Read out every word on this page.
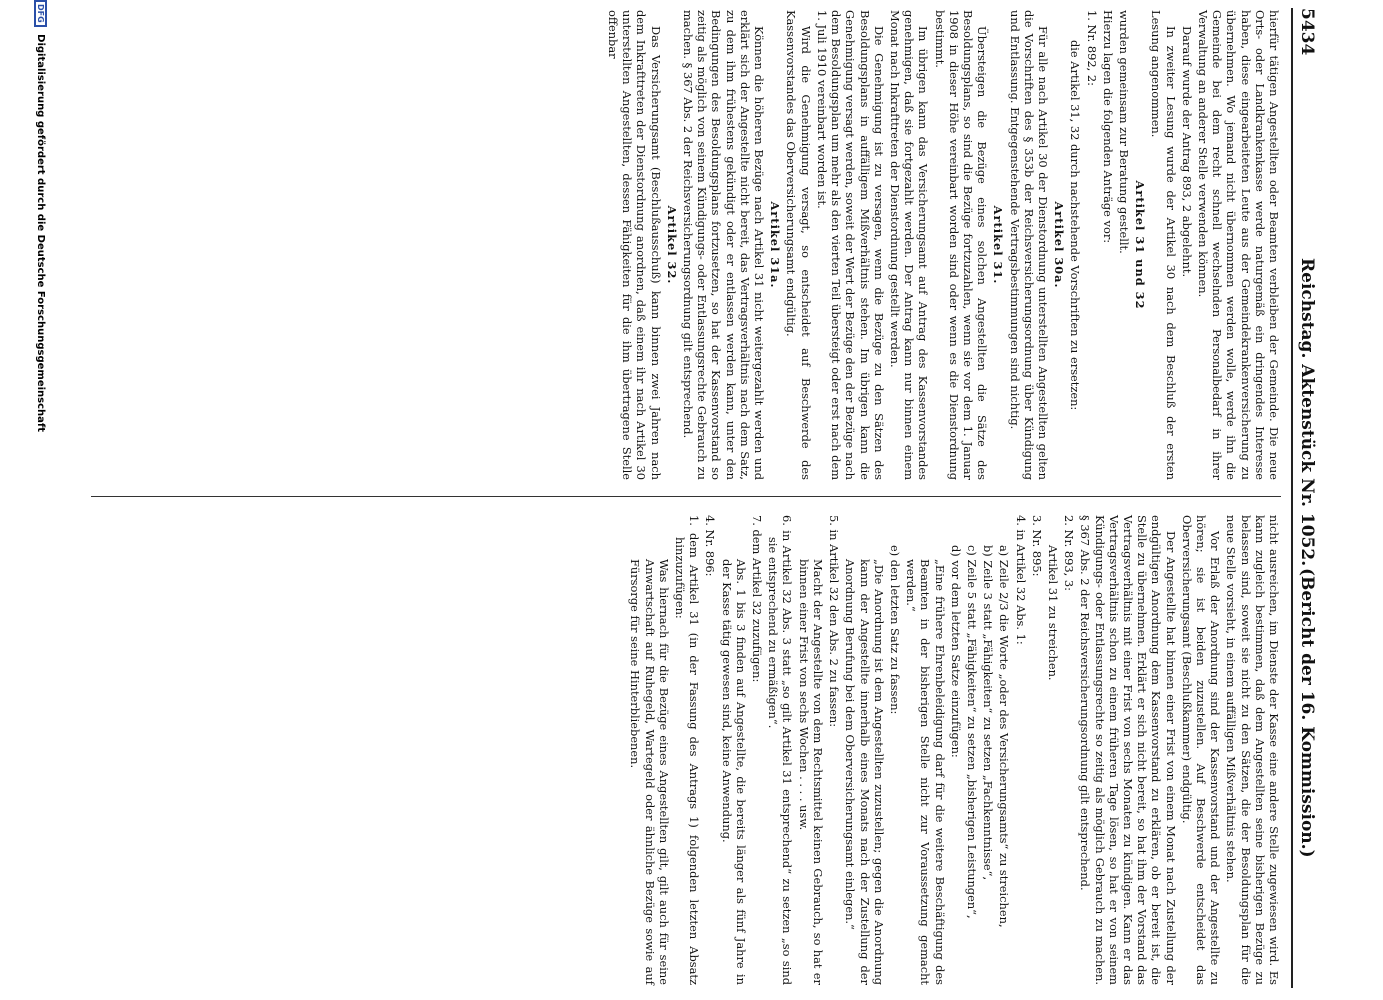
5434
Reichstag. Aktenstück Nr. 1052.
(Bericht der 16. Kommission.)

hierfür tätigen Angestellten oder Beamten verbleiben der Gemeinde. Die neue Orts- oder Landkrankenkasse werde naturgemäß ein dringendes Interesse haben, diese eingearbeiteten Leute aus der Gemeindekrankenversicherung zu übernehmen. Wo jemand nicht übernommen werden wolle, werde ihn die Gemeinde bei dem recht schnell wechselnden Personalbedarf in ihrer Verwaltung an anderer Stelle verwenden können.

Darauf wurde der Antrag 893, 2 abgelehnt.

In zweiter Lesung wurde der Artikel 30 nach dem Beschluß der ersten Lesung angenommen.

Artikel 31 und 32

wurden gemeinsam zur Beratung gestellt.

Hierzu lagen die folgenden Anträge vor:

1. Nr. 892, 2:

die Artikel 31, 32 durch nachstehende Vorschriften zu ersetzen:

Artikel 30a.

Für alle nach Artikel 30 der Dienstordnung unterstellten Angestellten gelten die Vorschriften des § 353b der Reichsversicherungsordnung über Kündigung und Entlassung. Entgegenstehende Vertragsbestimmungen sind nichtig.

Artikel 31.

Übersteigen die Bezüge eines solchen Angestellten die Sätze des Besoldungsplans, so sind die Bezüge fortzuzahlen, wenn sie vor dem 1. Januar 1908 in dieser Höhe vereinbart worden sind oder wenn es die Dienstordnung bestimmt.

Im übrigen kann das Versicherungsamt auf Antrag des Kassenvorstandes genehmigen, daß sie fortgezahlt werden. Der Antrag kann nur binnen einem Monat nach Inkrafttreten der Dienstordnung gestellt werden.

Die Genehmigung ist zu versagen, wenn die Bezüge zu den Sätzen des Besoldungsplans in auffälligem Mißverhältnis stehen. Im übrigen kann die Genehmigung versagt werden, soweit der Wert der Bezüge den der Bezüge nach dem Besoldungsplan um mehr als den vierten Teil übersteigt oder erst nach dem 1. Juli 1910 vereinbart worden ist.

Wird die Genehmigung versagt, so entscheidet auf Beschwerde des Kassenvorstandes das Oberversicherungsamt endgültig.

Artikel 31a.

Können die höheren Bezüge nach Artikel 31 nicht weitergezahlt werden und erklärt sich der Angestellte nicht bereit, das Vertragsverhältnis nach dem Satz, zu dem ihm frühestens gekündigt oder er entlassen werden kann, unter den Bedingungen des Besoldungsplans fortzusetzen, so hat der Kassenvorstand so zeitig als möglich von seinem Kündigungs- oder Entlassungsrechte Gebrauch zu machen. § 367 Abs. 2 der Reichsversicherungsordnung gilt entsprechend.

Artikel 32.

Das Versicherungsamt (Beschlußausschuß) kann binnen zwei Jahren nach dem Inkrafttreten der Dienstordnung anordnen, daß einem ihr nach Artikel 30 unterstellten Angestellten, dessen Fähigkeiten für die ihm übertragene Stelle offenbar

nicht ausreichen, im Dienste der Kasse eine andere Stelle zugewiesen wird. Es kann zugleich bestimmen, daß dem Angestellten seine bisherigen Bezüge zu belassen sind, soweit sie nicht zu den Sätzen, die der Besoldungsplan für die neue Stelle vorsieht, in einem auffälligen Mißverhältnis stehen.

Vor Erlaß der Anordnung sind der Kassenvorstand und der Angestellte zu hören; sie ist beiden zuzustellen. Auf Beschwerde entscheidet das Oberversicherungsamt (Beschlußkammer) endgültig.

Der Angestellte hat binnen einer Frist von einem Monat nach Zustellung der endgültigen Anordnung dem Kassenvorstand zu erklären, ob er bereit ist, die Stelle zu übernehmen. Erklärt er sich nicht bereit, so hat ihm der Vorstand das Vertragsverhältnis mit einer Frist von sechs Monaten zu kündigen. Kann er das Vertragsverhältnis schon zu einem früheren Tage lösen, so hat er von seinem Kündigungs- oder Entlassungsrechte so zeitig als möglich Gebrauch zu machen. § 367 Abs. 2 der Reichsversicherungsordnung gilt entsprechend.

2. Nr. 893, 3:

Artikel 31 zu streichen.

3. Nr. 895:

4. in Artikel 32 Abs. 1:

a) Zeile 2/3 die Worte „oder des Versicherungsamts“ zu streichen,

b) Zeile 3 statt „Fähigkeiten“ zu setzen „Fachkenntnisse“,

c) Zeile 5 statt „Fähigkeiten“ zu setzen „bisherigen Leistungen“,

d) vor dem letzten Satze einzufügen:

„Eine frühere Ehrenbeleidigung darf für die weitere Beschäftigung des Beamten in der bisherigen Stelle nicht zur Voraussetzung gemacht werden.“

e) den letzten Satz zu fassen:

„Die Anordnung ist dem Angestellten zuzustellen; gegen die Anordnung kann der Angestellte innerhalb eines Monats nach der Zustellung der Anordnung Berufung bei dem Oberversicherungsamt einlegen.“

5. in Artikel 32 den Abs. 2 zu fassen:

Macht der Angestellte von dem Rechtsmittel keinen Gebrauch, so hat er binnen einer Frist von sechs Wochen . . . . usw.

6. in Artikel 32 Abs. 3 statt „so gilt Artikel 31 entsprechend“ zu setzen „so sind sie entsprechend zu ermäßigen“.

7. dem Artikel 32 zuzufügen:

Abs. 1 bis 3 finden auf Angestellte, die bereits länger als fünf Jahre in der Kasse tätig gewesen sind, keine Anwendung.

4. Nr. 896:

1. dem Artikel 31 (in der Fassung des Antrags 1) folgenden letzten Absatz hinzuzufügen:

Was hiernach für die Bezüge eines Angestellten gilt, gilt auch für seine Anwartschaft auf Ruhegeld, Wartegeld oder ähnliche Bezüge sowie auf Fürsorge für seine Hinterbliebenen.

DFG Digitalisierung gefördert durch die Deutsche Forschungsgemeinschaft
